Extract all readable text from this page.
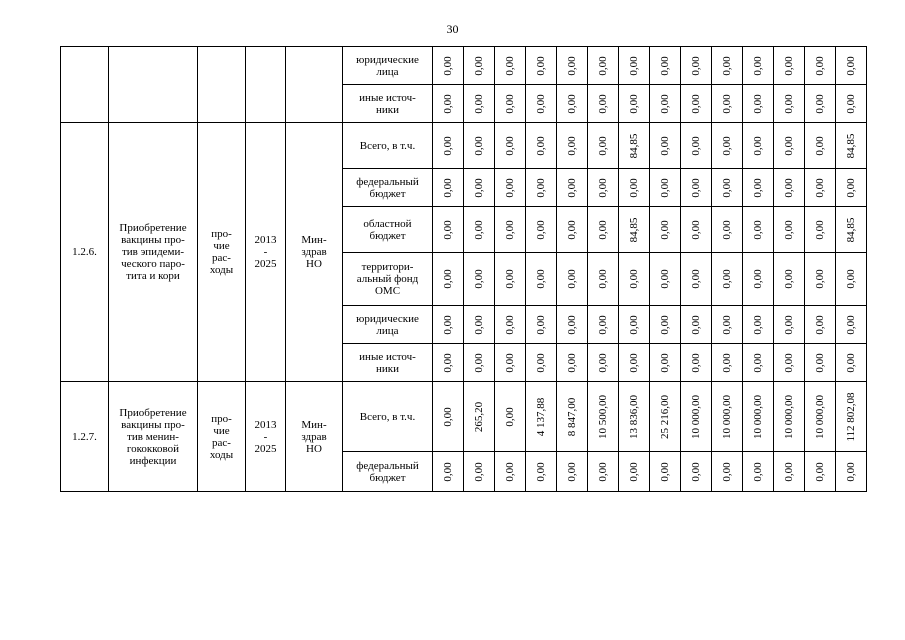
30
					юридические
лица	0,00	0,00	0,00	0,00	0,00	0,00	0,00	0,00	0,00	0,00	0,00	0,00	0,00	0,00

					иные источ-
ники	0,00	0,00	0,00	0,00	0,00	0,00	0,00	0,00	0,00	0,00	0,00	0,00	0,00	0,00

1.2.6.	Приобретение
вакцины про-
тив эпидеми-
ческого паро-
тита и кори	про-
чие
рас-
ходы	2013
-
2025	Мин-
здрав
НО	Всего, в т.ч.	0,00	0,00	0,00	0,00	0,00	0,00	84,85	0,00	0,00	0,00	0,00	0,00	0,00	84,85

					федеральный
бюджет	0,00	0,00	0,00	0,00	0,00	0,00	0,00	0,00	0,00	0,00	0,00	0,00	0,00	0,00

					областной
бюджет	0,00	0,00	0,00	0,00	0,00	0,00	84,85	0,00	0,00	0,00	0,00	0,00	0,00	84,85

					территори-
альный фонд
ОМС	0,00	0,00	0,00	0,00	0,00	0,00	0,00	0,00	0,00	0,00	0,00	0,00	0,00	0,00

					юридические
лица	0,00	0,00	0,00	0,00	0,00	0,00	0,00	0,00	0,00	0,00	0,00	0,00	0,00	0,00

					иные источ-
ники	0,00	0,00	0,00	0,00	0,00	0,00	0,00	0,00	0,00	0,00	0,00	0,00	0,00	0,00

1.2.7.	Приобретение
вакцины про-
тив менин-
гококковой
инфекции	про-
чие
рас-
ходы	2013
-
2025	Мин-
здрав
НО	Всего, в т.ч.	0,00	265,20	0,00	4 137,88	8 847,00	10 500,00	13 836,00	25 216,00	10 000,00	10 000,00	10 000,00	10 000,00	10 000,00	112 802,08

					федеральный
бюджет	0,00	0,00	0,00	0,00	0,00	0,00	0,00	0,00	0,00	0,00	0,00	0,00	0,00	0,00
